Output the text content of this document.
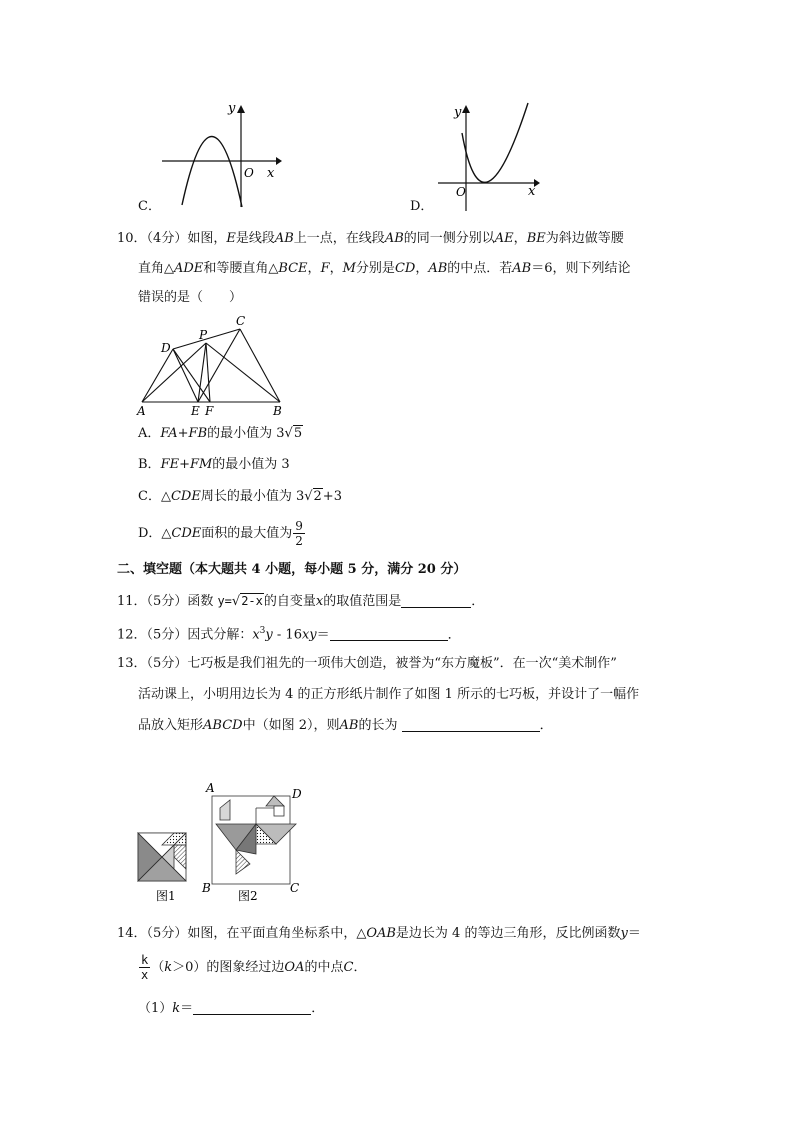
y
x
O
C．
y
x
O
D．
10．（4分）如图，E是线段AB上一点，在线段AB的同一侧分别以AE，BE为斜边做等腰
直角△ADE和等腰直角△BCE，F，M分别是CD，AB的中点．若AB＝6，则下列结论
错误的是（　　）
A	B
C
D
E F
P
A．FA+FB的最小值为 3√5
B．FE+FM的最小值为 3
C．△CDE周长的最小值为 3√2+3
D．△CDE面积的最大值为 $\frac{9}{2}$
二、填空题（本大题共 4 小题，每小题 5 分，满分 20 分）
11．（5分）函数 y=√2-x的自变量x的取值范围是	．
12．（5分）因式分解：$x^3y - 16xy=$	．
13．（5分）七巧板是我们祖先的一项伟大创造，被誉为“东方魔板”．在一次“美术制作”
活动课上，小明用边长为 4 的正方形纸片制作了如图 1 所示的七巧板，并设计了一幅作
品放入矩形ABCD中（如图 2），则AB的长为	．
图1	图2
A
B	C
D
14．（5分）如图，在平面直角坐标系中，△OAB是边长为 4 的等边三角形，反比例函数y＝
$\frac{k}{x} (k>0)$的图象经过边OA的中点C．
（1）k＝	．
